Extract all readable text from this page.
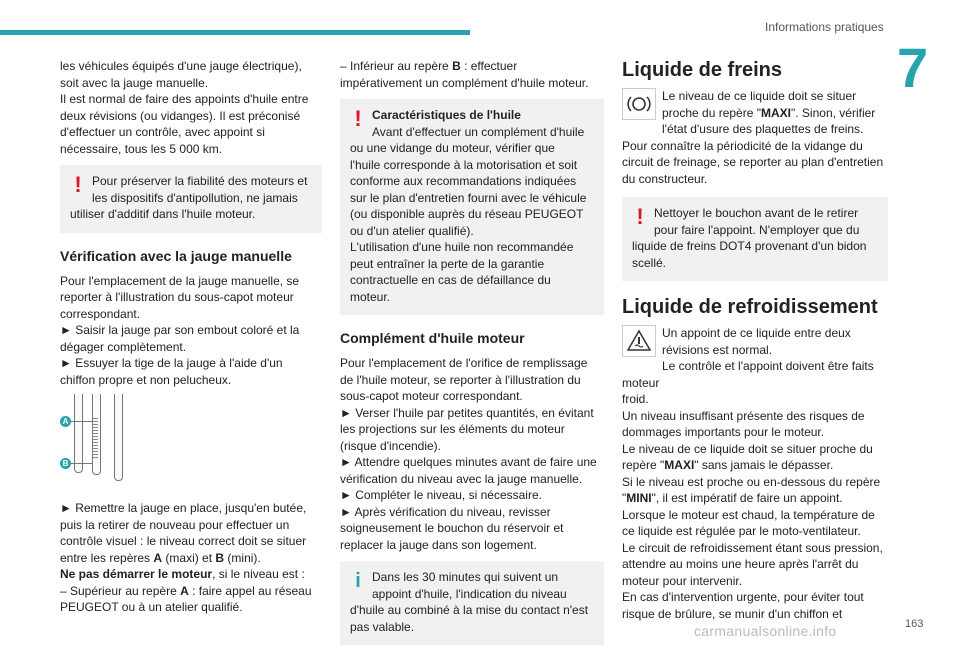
Informations pratiques
7

les véhicules équipés d'une jauge électrique),
soit avec la jauge manuelle.
Il est normal de faire des appoints d'huile entre
deux révisions (ou vidanges). Il est préconisé
d'effectuer un contrôle, avec appoint si
nécessaire, tous les 5 000 km.

! Pour préserver la fiabilité des moteurs et
les dispositifs d'antipollution, ne jamais
utiliser d'additif dans l'huile moteur.

Vérification avec la jauge manuelle

Pour l'emplacement de la jauge manuelle, se
reporter à l'illustration du sous-capot moteur
correspondant.
► Saisir la jauge par son embout coloré et la
dégager complètement.
► Essuyer la tige de la jauge à l'aide d'un
chiffon propre et non pelucheux.

A
B

► Remettre la jauge en place, jusqu'en butée,
puis la retirer de nouveau pour effectuer un
contrôle visuel : le niveau correct doit se situer
entre les repères A (maxi) et B (mini).
Ne pas démarrer le moteur, si le niveau est :
– Supérieur au repère A : faire appel au réseau
PEUGEOT ou à un atelier qualifié.

– Inférieur au repère B : effectuer
impérativement un complément d'huile moteur.

! Caractéristiques de l'huile
Avant d'effectuer un complément d'huile
ou une vidange du moteur, vérifier que
l'huile corresponde à la motorisation et soit
conforme aux recommandations indiquées
sur le plan d'entretien fourni avec le véhicule
(ou disponible auprès du réseau PEUGEOT
ou d'un atelier qualifié).
L'utilisation d'une huile non recommandée
peut entraîner la perte de la garantie
contractuelle en cas de défaillance du moteur.

Complément d'huile moteur

Pour l'emplacement de l'orifice de remplissage
de l'huile moteur, se reporter à l'illustration du
sous-capot moteur correspondant.
► Verser l'huile par petites quantités, en évitant
les projections sur les éléments du moteur
(risque d'incendie).
► Attendre quelques minutes avant de faire une
vérification du niveau avec la jauge manuelle.
► Compléter le niveau, si nécessaire.
► Après vérification du niveau, revisser
soigneusement le bouchon du réservoir et
replacer la jauge dans son logement.

i Dans les 30 minutes qui suivent un
appoint d'huile, l'indication du niveau
d'huile au combiné à la mise du contact n'est
pas valable.

Liquide de freins

Le niveau de ce liquide doit se situer
proche du repère "MAXI". Sinon, vérifier
l'état d'usure des plaquettes de freins.
Pour connaître la périodicité de la vidange du
circuit de freinage, se reporter au plan d'entretien
du constructeur.

! Nettoyer le bouchon avant de le retirer
pour faire l'appoint. N'employer que du
liquide de freins DOT4 provenant d'un bidon
scellé.

Liquide de refroidissement

Un appoint de ce liquide entre deux
révisions est normal.
Le contrôle et l'appoint doivent être faits moteur
froid.
Un niveau insuffisant présente des risques de
dommages importants pour le moteur.
Le niveau de ce liquide doit se situer proche du
repère "MAXI" sans jamais le dépasser.
Si le niveau est proche ou en-dessous du repère
"MINI", il est impératif de faire un appoint.
Lorsque le moteur est chaud, la température de
ce liquide est régulée par le moto-ventilateur.
Le circuit de refroidissement étant sous pression,
attendre au moins une heure après l'arrêt du
moteur pour intervenir.
En cas d'intervention urgente, pour éviter tout
risque de brûlure, se munir d'un chiffon et

163
carmanualsonline.info
